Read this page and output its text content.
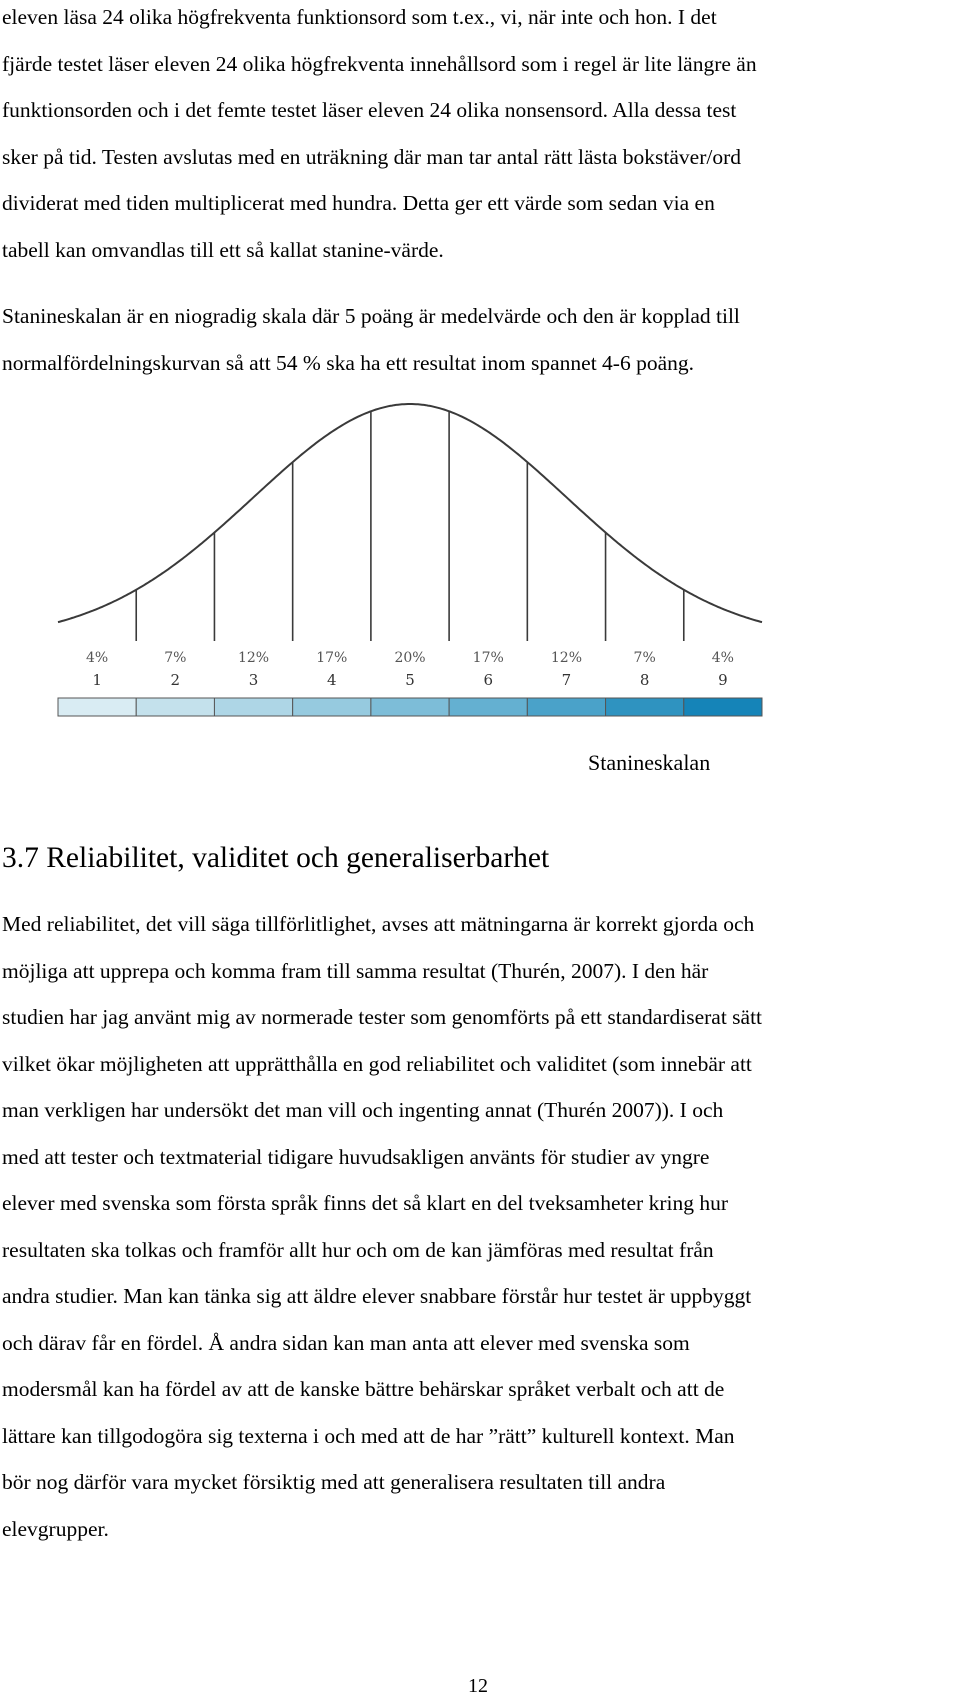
eleven läsa 24 olika högfrekventa funktionsord som t.ex., vi, när inte och hon. I det
fjärde testet läser eleven 24 olika högfrekventa innehållsord som i regel är lite längre än
funktionsorden och i det femte testet läser eleven 24 olika nonsensord. Alla dessa test
sker på tid. Testen avslutas med en uträkning där man tar antal rätt lästa bokstäver/ord
dividerat med tiden multiplicerat med hundra. Detta ger ett värde som sedan via en
tabell kan omvandlas till ett så kallat stanine-värde.

Stanineskalan är en niogradig skala där 5 poäng är medelvärde och den är kopplad till
normalfördelningskurvan så att 54 % ska ha ett resultat inom spannet 4-6 poäng.

4%	7%	12%	17%	20%	17%	12%	7%	4%
1	2	3	4	5	6	7	8	9
Stanineskalan
3.7 Reliabilitet, validitet och generaliserbarhet

Med reliabilitet, det vill säga tillförlitlighet, avses att mätningarna är korrekt gjorda och
möjliga att upprepa och komma fram till samma resultat (Thurén, 2007). I den här
studien har jag använt mig av normerade tester som genomförts på ett standardiserat sätt
vilket ökar möjligheten att upprätthålla en god reliabilitet och validitet (som innebär att
man verkligen har undersökt det man vill och ingenting annat (Thurén 2007)). I och
med att tester och textmaterial tidigare huvudsakligen använts för studier av yngre
elever med svenska som första språk finns det så klart en del tveksamheter kring hur
resultaten ska tolkas och framför allt hur och om de kan jämföras med resultat från
andra studier. Man kan tänka sig att äldre elever snabbare förstår hur testet är uppbyggt
och därav får en fördel. Å andra sidan kan man anta att elever med svenska som
modersmål kan ha fördel av att de kanske bättre behärskar språket verbalt och att de
lättare kan tillgodogöra sig texterna i och med att de har ”rätt” kulturell kontext. Man
bör nog därför vara mycket försiktig med att generalisera resultaten till andra
elevgrupper.

12
